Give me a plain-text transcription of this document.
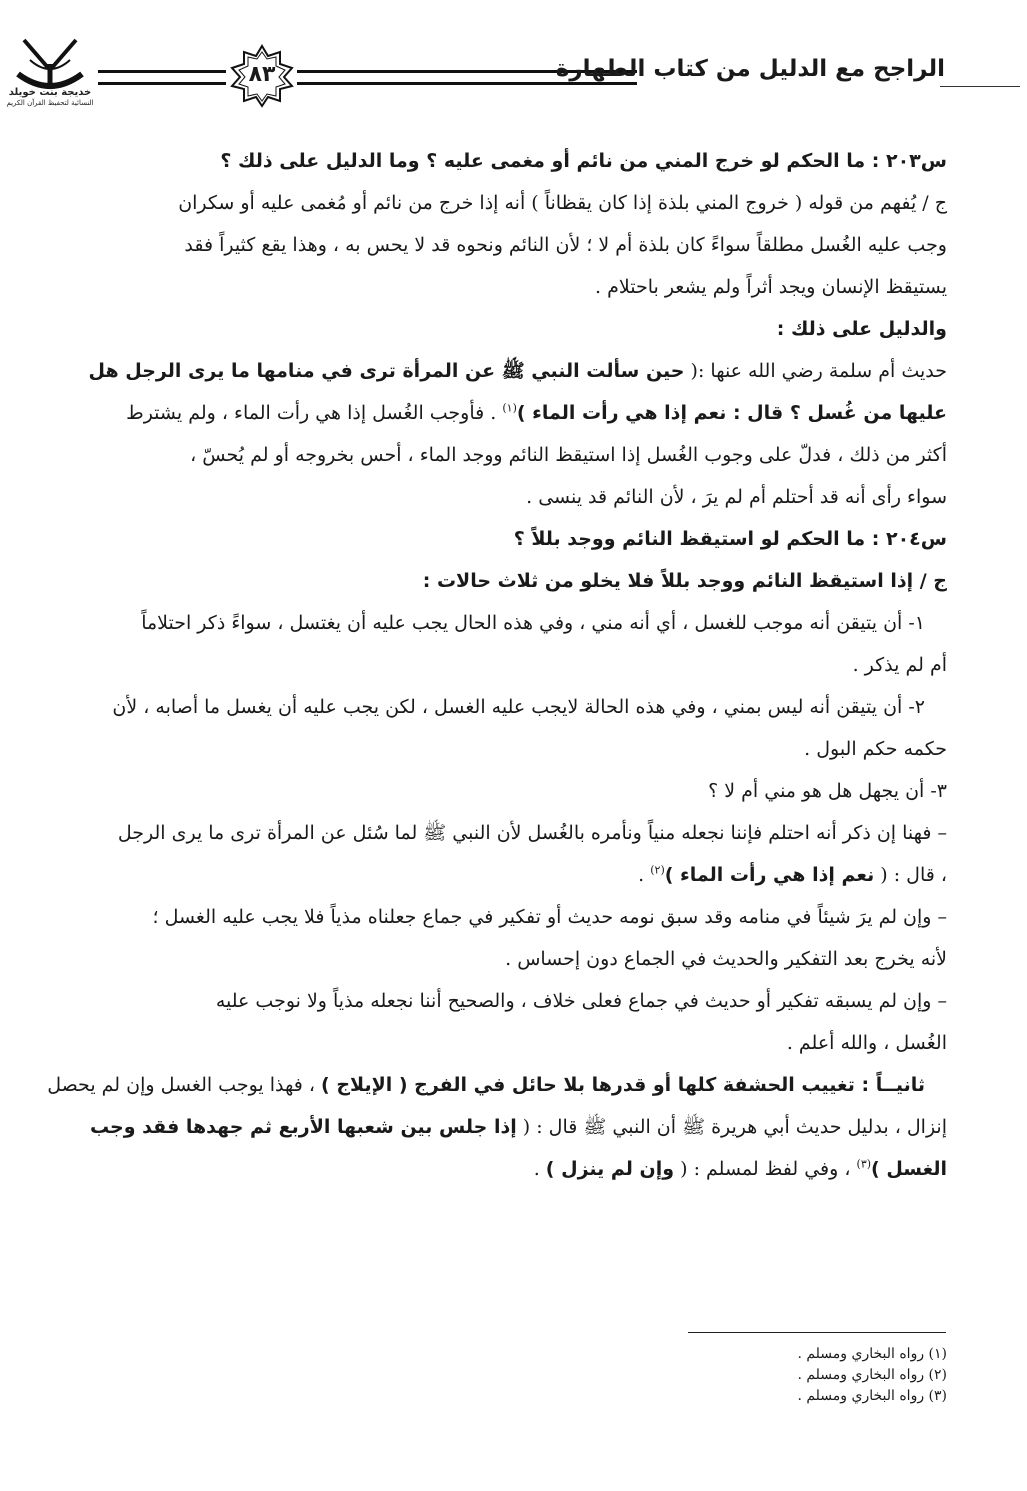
خديجة بنت خويلد
النسائية لتحفيظ القرآن الكريم
٨٣	الراجح مع الدليل من كتاب الطهارة
س٢٠٣ : ما الحكم لو خرج المني من نائم أو مغمى عليه ؟ وما الدليل على ذلك ؟
ج / يُفهم من قوله ( خروج المني بلذة إذا كان يقظاناً ) أنه إذا خرج من نائم أو مُغمى عليه أو سكران
وجب عليه الغُسل مطلقاً سواءً كان بلذة أم لا ؛ لأن النائم ونحوه قد لا يحس به ، وهذا يقع كثيراً فقد
يستيقظ الإنسان ويجد أثراً ولم يشعر باحتلام .
والدليل على ذلك :
حديث أم سلمة رضي الله عنها :( حين سألت النبي ﷺ عن المرأة ترى في منامها ما يرى الرجل هل
عليها من غُسل ؟ قال : نعم إذا هي رأت الماء )$^{(١)}$ . فأوجب الغُسل إذا هي رأت الماء ، ولم يشترط
أكثر من ذلك ، فدلّ على وجوب الغُسل إذا استيقظ النائم ووجد الماء ، أحس بخروجه أو لم يُحسّ ،
سواء رأى أنه قد أحتلم أم لم يرَ ، لأن النائم قد ينسى .
س٢٠٤ : ما الحكم لو استيقظ النائم ووجد بللاً ؟
ج / إذا استيقظ النائم ووجد بللاً فلا يخلو من ثلاث حالات :
١- أن يتيقن أنه موجب للغسل ، أي أنه مني ، وفي هذه الحال يجب عليه أن يغتسل ، سواءً ذكر احتلاماً
أم لم يذكر .
٢- أن يتيقن أنه ليس بمني ، وفي هذه الحالة لايجب عليه الغسل ، لكن يجب عليه أن يغسل ما أصابه ، لأن
حكمه حكم البول .
٣- أن يجهل هل هو مني أم لا ؟
– فهنا إن ذكر أنه احتلم فإننا نجعله منياً ونأمره بالغُسل لأن النبي ﷺ لما سُئل عن المرأة ترى ما يرى الرجل
، قال : ( نعم إذا هي رأت الماء )$^{(٢)}$ .
– وإن لم يرَ شيئاً في منامه وقد سبق نومه حديث أو تفكير في جماع جعلناه مذياً فلا يجب عليه الغسل ؛
لأنه يخرج بعد التفكير والحديث في الجماع دون إحساس .
– وإن لم يسبقه تفكير أو حديث في جماع فعلى خلاف ، والصحيح أننا نجعله مذياً ولا نوجب عليه
الغُسل ، والله أعلم .
ثانيــاً : تغييب الحشفة كلها أو قدرها بلا حائل في الفرج ( الإيلاج ) ، فهذا يوجب الغسل وإن لم يحصل
إنزال ، بدليل حديث أبي هريرة ﷺ أن النبي ﷺ قال : ( إذا جلس بين شعبها الأربع ثم جهدها فقد وجب
الغسل )$^{(٣)}$ ، وفي لفظ لمسلم : ( وإن لم ينزل ) .
(١) رواه البخاري ومسلم .
(٢) رواه البخاري ومسلم .
(٣) رواه البخاري ومسلم .
